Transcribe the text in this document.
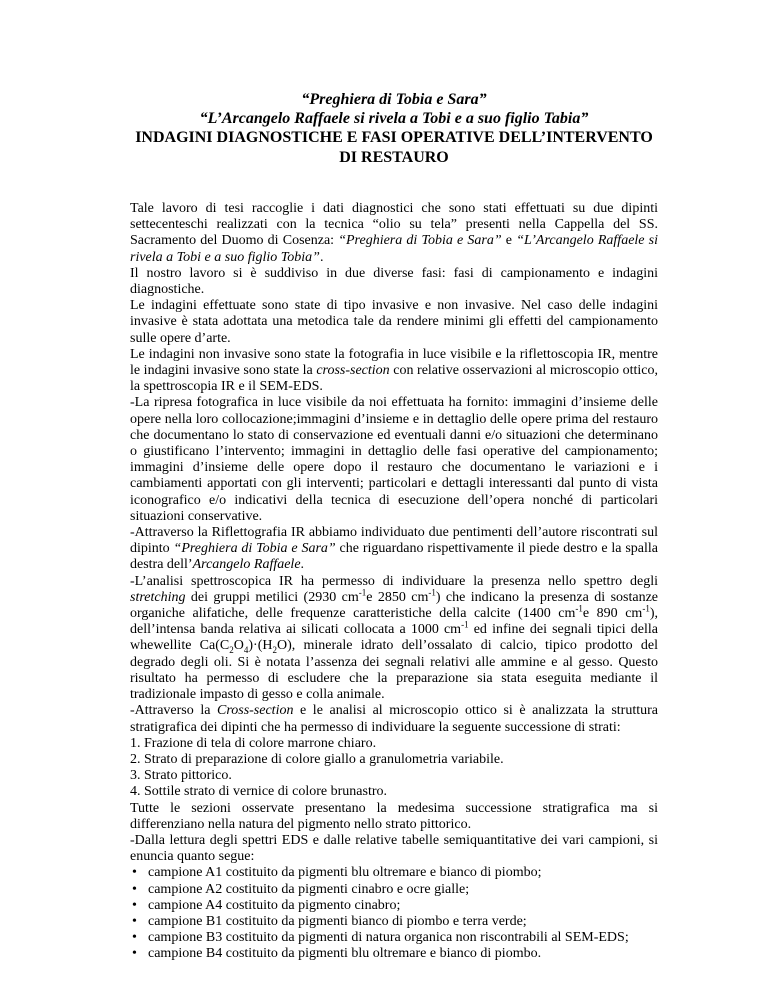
“Preghiera di Tobia e Sara”
“L’Arcangelo Raffaele si rivela a Tobi e a suo figlio Tabia”
INDAGINI DIAGNOSTICHE E FASI OPERATIVE DELL’INTERVENTO DI RESTAURO
Tale lavoro di tesi raccoglie i dati diagnostici che sono stati effettuati su due dipinti settecenteschi realizzati con la tecnica “olio su tela” presenti nella Cappella del SS. Sacramento del Duomo di Cosenza: “Preghiera di Tobia e Sara” e “L’Arcangelo Raffaele si rivela a Tobi e a suo figlio Tobia”.
Il nostro lavoro si è suddiviso in due diverse fasi: fasi di campionamento e indagini diagnostiche.
Le indagini effettuate sono state di tipo invasive e non invasive. Nel caso delle indagini invasive è stata adottata una metodica tale da rendere minimi gli effetti del campionamento sulle opere d’arte.
Le indagini non invasive sono state la fotografia in luce visibile e la riflettoscopia IR, mentre le indagini invasive sono state la cross-section con relative osservazioni al microscopio ottico, la spettroscopia IR e il SEM-EDS.
-La ripresa fotografica in luce visibile da noi effettuata ha fornito: immagini d’insieme delle opere nella loro collocazione;immagini d’insieme e in dettaglio delle opere prima del restauro che documentano lo stato di conservazione ed eventuali danni e/o situazioni che determinano o giustificano l’intervento; immagini in dettaglio delle fasi operative del campionamento; immagini d’insieme delle opere dopo il restauro che documentano le variazioni e i cambiamenti apportati con gli interventi; particolari e dettagli interessanti dal punto di vista iconografico e/o indicativi della tecnica di esecuzione dell’opera nonché di particolari situazioni conservative.
-Attraverso la Riflettografia IR abbiamo individuato due pentimenti dell’autore riscontrati sul dipinto “Preghiera di Tobia e Sara” che riguardano rispettivamente il piede destro e la spalla destra dell’Arcangelo Raffaele.
-L’analisi spettroscopica IR ha permesso di individuare la presenza nello spettro degli stretching dei gruppi metilici (2930 $cm^{-1}e$ 2850 $cm^{-1}$) che indicano la presenza di sostanze organiche alifatiche, delle frequenze caratteristiche della calcite (1400 $cm^{-1}e$ 890 $cm^{-1}$), dell’intensa banda relativa ai silicati collocata a 1000 $cm^{-1}$ ed infine dei segnali tipici della whewellite $Ca(C_2O_4)\cdot(H_2O)$, minerale idrato dell’ossalato di calcio, tipico prodotto del degrado degli oli. Si è notata l’assenza dei segnali relativi alle ammine e al gesso. Questo risultato ha permesso di escludere che la preparazione sia stata eseguita mediante il tradizionale impasto di gesso e colla animale.
-Attraverso la Cross-section e le analisi al microscopio ottico si è analizzata la struttura stratigrafica dei dipinti che ha permesso di individuare la seguente successione di strati:
1. Frazione di tela di colore marrone chiaro.
2. Strato di preparazione di colore giallo a granulometria variabile.
3. Strato pittorico.
4. Sottile strato di vernice di colore brunastro.
Tutte le sezioni osservate presentano la medesima successione stratigrafica ma si differenziano nella natura del pigmento nello strato pittorico.
-Dalla lettura degli spettri EDS e dalle relative tabelle semiquantitative dei vari campioni, si enuncia quanto segue:
• campione A1 costituito da pigmenti blu oltremare e bianco di piombo;
• campione A2 costituito da pigmenti cinabro e ocre gialle;
• campione A4 costituito da pigmento cinabro;
• campione B1 costituito da pigmenti bianco di piombo e terra verde;
• campione B3 costituito da pigmenti di natura organica non riscontrabili al SEM-EDS;
• campione B4 costituito da pigmenti blu oltremare e bianco di piombo.
